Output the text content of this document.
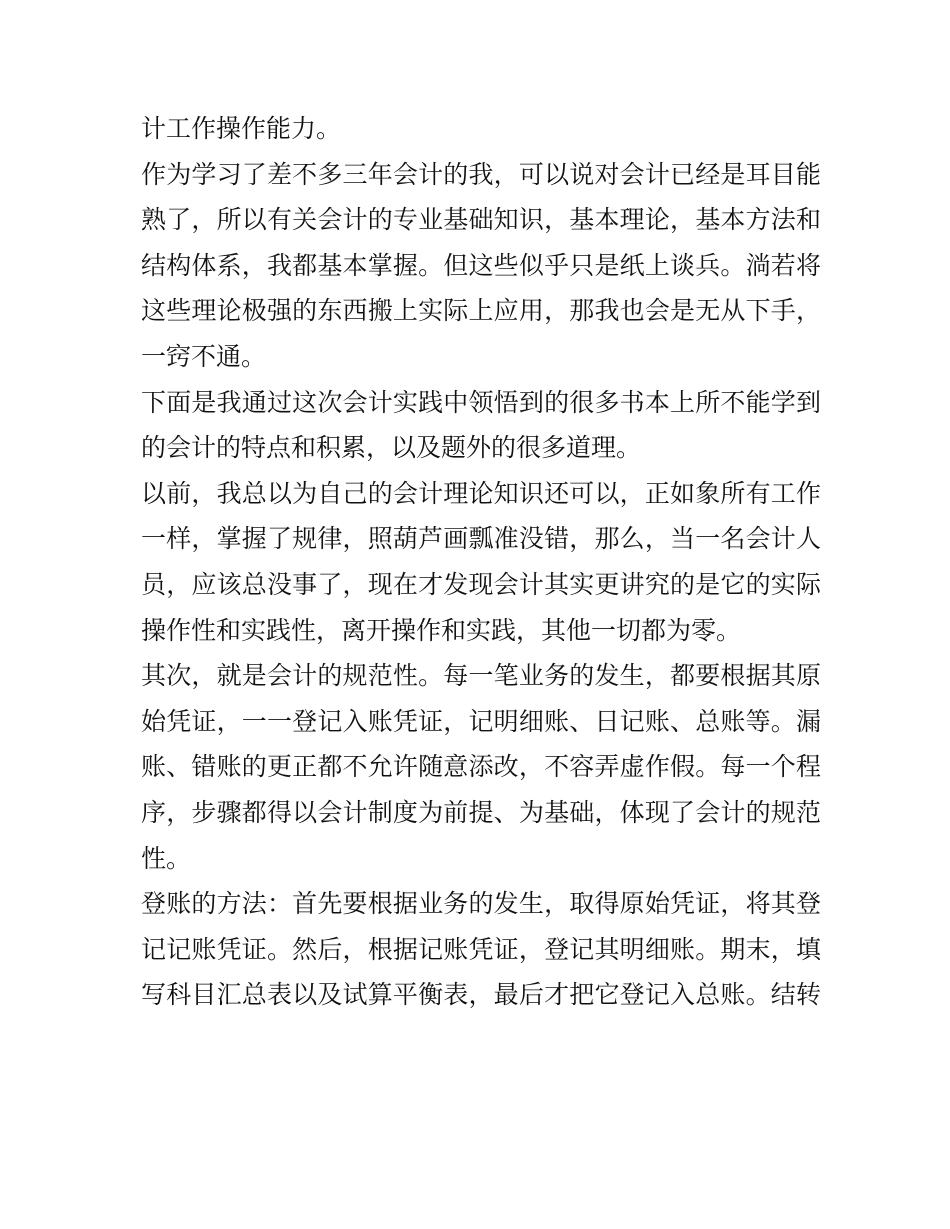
计工作操作能力。

作为学习了差不多三年会计的我，可以说对会计已经是耳目能
熟了，所以有关会计的专业基础知识，基本理论，基本方法和
结构体系，我都基本掌握。但这些似乎只是纸上谈兵。淌若将
这些理论极强的东西搬上实际上应用，那我也会是无从下手，
一窍不通。

下面是我通过这次会计实践中领悟到的很多书本上所不能学到
的会计的特点和积累，以及题外的很多道理。

以前，我总以为自己的会计理论知识还可以，正如象所有工作
一样，掌握了规律，照葫芦画瓢准没错，那么，当一名会计人
员，应该总没事了，现在才发现会计其实更讲究的是它的实际
操作性和实践性，离开操作和实践，其他一切都为零。

其次，就是会计的规范性。每一笔业务的发生，都要根据其原
始凭证，一一登记入账凭证，记明细账、日记账、总账等。漏
账、错账的更正都不允许随意添改，不容弄虚作假。每一个程
序，步骤都得以会计制度为前提、为基础，体现了会计的规范
性。

登账的方法：首先要根据业务的发生，取得原始凭证，将其登
记记账凭证。然后，根据记账凭证，登记其明细账。期末，填
写科目汇总表以及试算平衡表，最后才把它登记入总账。结转
